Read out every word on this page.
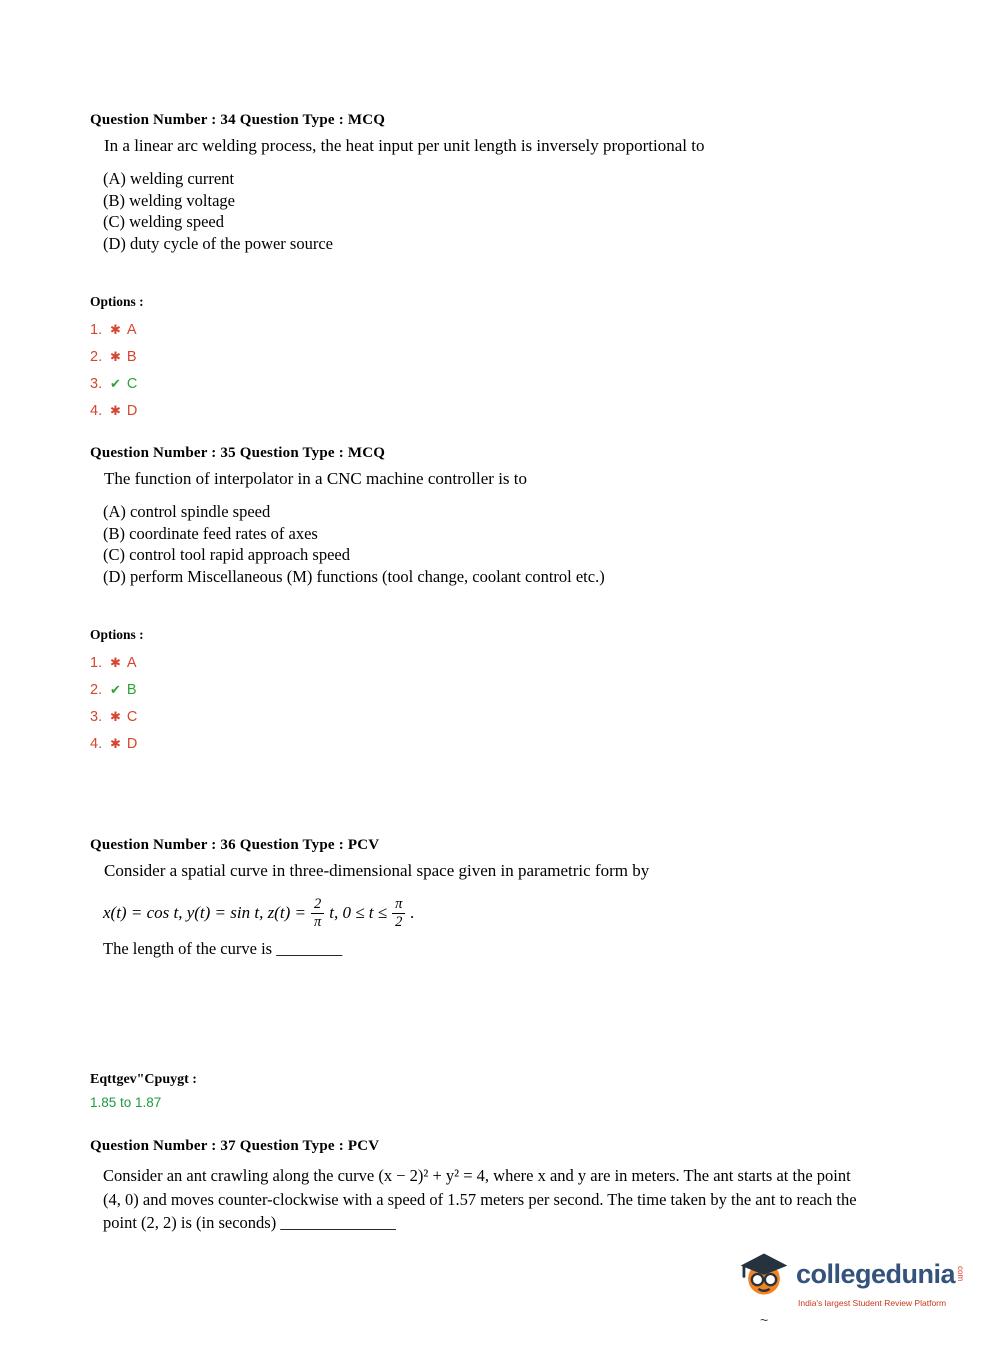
Question Number : 34 Question Type : MCQ

In a linear arc welding process, the heat input per unit length is inversely proportional to

(A) welding current

(B) welding voltage

(C) welding speed

(D) duty cycle of the power source

Options :

1. ✱ A
2. ✱ B
3. ✔ C
4. ✱ D
Question Number : 35 Question Type : MCQ

The function of interpolator in a CNC machine controller is to

(A) control spindle speed

(B) coordinate feed rates of axes

(C) control tool rapid approach speed

(D) perform Miscellaneous (M) functions (tool change, coolant control etc.)

Options :

1. ✱ A
2. ✔ B
3. ✱ C
4. ✱ D
Question Number : 36 Question Type : PCV

Consider a spatial curve in three-dimensional space given in parametric form by

x(t) = cos t, y(t) = sin t, $z(t) = \frac{2}{\pi} t$, $0 \le t \le \frac{\pi}{2}$ .

The length of the curve is ________

Eqttgev"Cpuygt :

1.85 to 1.87

Question Number : 37 Question Type : PCV

Consider an ant crawling along the curve (x − 2)² + y² = 4, where x and y are in meters. The ant starts at the point (4, 0) and moves counter-clockwise with a speed of 1.57 meters per second. The time taken by the ant to reach the point (2, 2) is (in seconds) ______________

collegedunia com

India's largest Student Review Platform

~
